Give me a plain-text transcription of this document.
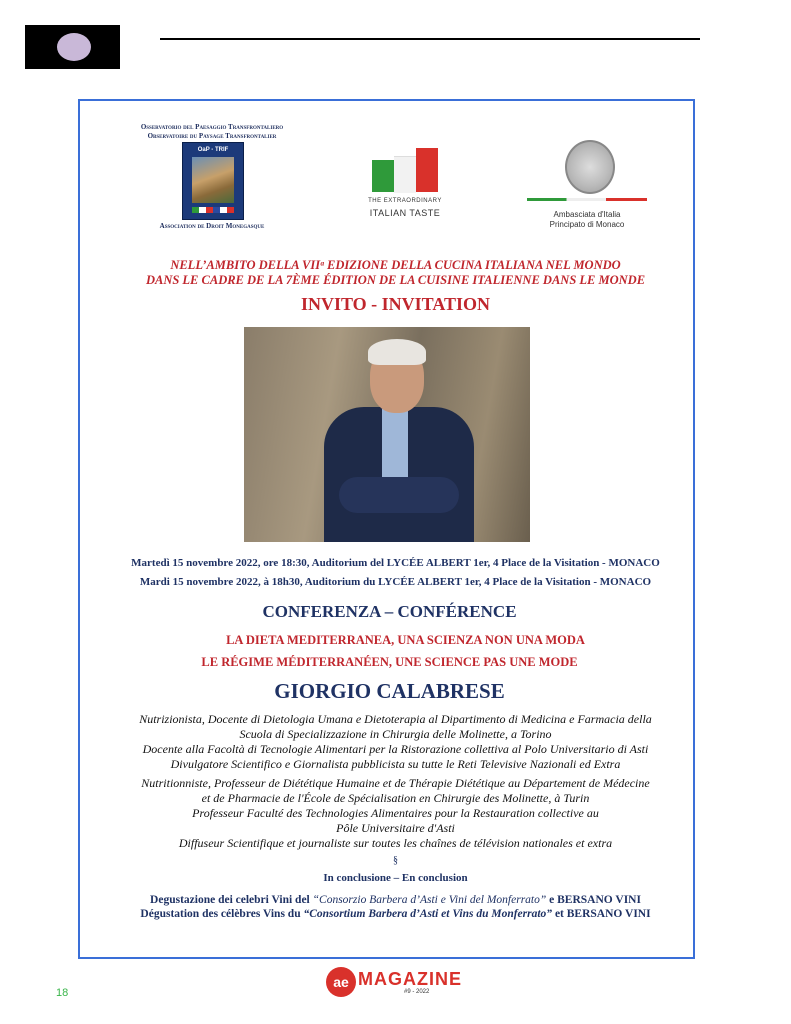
Osservatorio del Paesaggio Transfrontaliero
Observatoire du Paysage Transfrontalier
OaP - TRIF
Association de Droit Monegasque
THE EXTRAORDINARY
ITALIAN TASTE	Ambasciata d'Italia
Principato di Monaco
NELL’AMBITO DELLA VIIᵃ EDIZIONE DELLA CUCINA ITALIANA NEL MONDO
DANS LE CADRE DE LA 7ÈME ÉDITION DE LA CUISINE ITALIENNE DANS LE MONDE
INVITO - INVITATION
Martedì 15 novembre 2022, ore 18:30, Auditorium del LYCÉE ALBERT 1er, 4 Place de la Visitation - MONACO
Mardi 15 novembre 2022, à 18h30, Auditorium du LYCÉE ALBERT 1er, 4 Place de la Visitation - MONACO
CONFERENZA – CONFÉRENCE
LA DIETA MEDITERRANEA, UNA SCIENZA NON UNA MODA
LE RÉGIME MÉDITERRANÉEN, UNE SCIENCE PAS UNE MODE
GIORGIO CALABRESE
Nutrizionista, Docente di Dietologia Umana e Dietoterapia al Dipartimento di Medicina e Farmacia della
Scuola di Specializzazione in Chirurgia delle Molinette, a Torino
Docente alla Facoltà di Tecnologie Alimentari per la Ristorazione collettiva al Polo Universitario di Asti
Divulgatore Scientifico e Giornalista pubblicista su tutte le Reti Televisive Nazionali ed Extra
Nutritionniste, Professeur de Diététique Humaine et de Thérapie Diététique au Département de Médecine
et de Pharmacie de l'École de Spécialisation en Chirurgie des Molinette, à Turin
Professeur Faculté des Technologies Alimentaires pour la Restauration collective au
Pôle Universitaire d'Asti
Diffuseur Scientifique et journaliste sur toutes les chaînes de télévision nationales et extra
§
In conclusione – En conclusion
Degustazione dei celebri Vini del “Consorzio Barbera d’Asti e Vini del Monferrato” e BERSANO VINI
Dégustation des célèbres Vins du “Consortium Barbera d’Asti et Vins du Monferrato” et BERSANO VINI
ae MAGAZINE
#9 - 2022
18
